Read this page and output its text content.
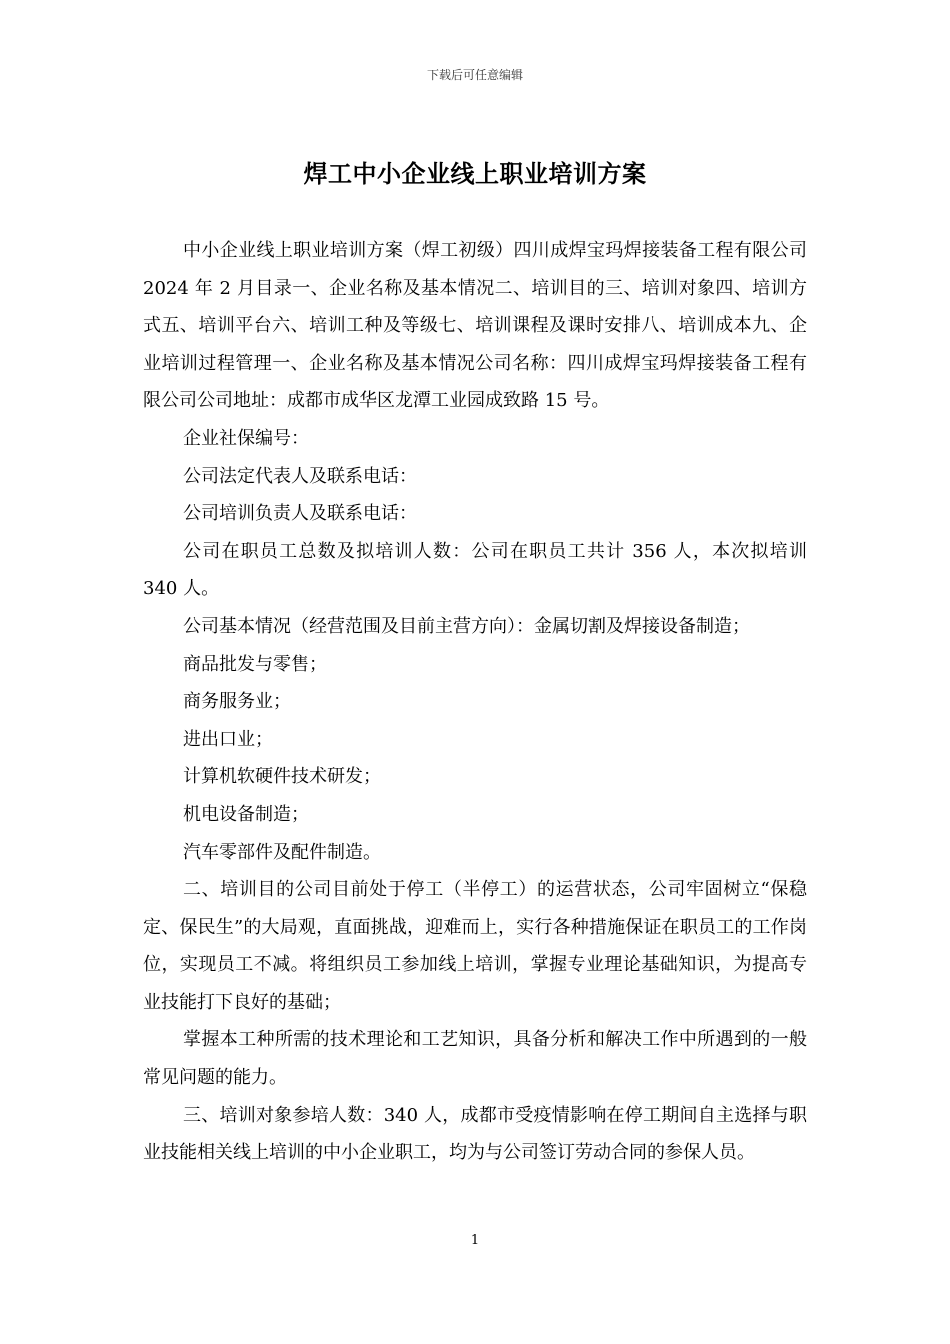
下载后可任意编辑
焊工中小企业线上职业培训方案

中小企业线上职业培训方案（焊工初级）四川成焊宝玛焊接装备工程有限公司 2024 年 2 月目录一、企业名称及基本情况二、培训目的三、培训对象四、培训方式五、培训平台六、培训工种及等级七、培训课程及课时安排八、培训成本九、企业培训过程管理一、企业名称及基本情况公司名称：四川成焊宝玛焊接装备工程有限公司公司地址：成都市成华区龙潭工业园成致路 15 号。

企业社保编号：

公司法定代表人及联系电话：

公司培训负责人及联系电话：

公司在职员工总数及拟培训人数：公司在职员工共计 356 人，本次拟培训 340 人。

公司基本情况（经营范围及目前主营方向）：金属切割及焊接设备制造；

商品批发与零售；

商务服务业；

进出口业；

计算机软硬件技术研发；

机电设备制造；

汽车零部件及配件制造。

二、培训目的公司目前处于停工（半停工）的运营状态，公司牢固树立“保稳定、保民生”的大局观，直面挑战，迎难而上，实行各种措施保证在职员工的工作岗位，实现员工不减。将组织员工参加线上培训，掌握专业理论基础知识，为提高专业技能打下良好的基础；

掌握本工种所需的技术理论和工艺知识，具备分析和解决工作中所遇到的一般常见问题的能力。

三、培训对象参培人数：340 人，成都市受疫情影响在停工期间自主选择与职业技能相关线上培训的中小企业职工，均为与公司签订劳动合同的参保人员。

1
